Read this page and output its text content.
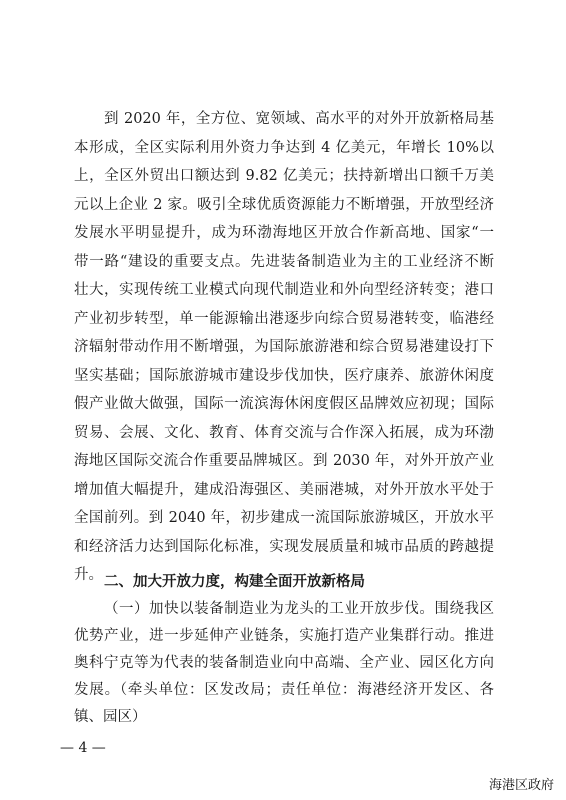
到 2020 年，全方位、宽领域、高水平的对外开放新格局基
本形成，全区实际利用外资力争达到 4 亿美元，年增长 10%以
上，全区外贸出口额达到 9.82 亿美元；扶持新增出口额千万美
元以上企业 2 家。吸引全球优质资源能力不断增强，开放型经济
发展水平明显提升，成为环渤海地区开放合作新高地、国家“一
带一路“建设的重要支点。先进装备制造业为主的工业经济不断
壮大，实现传统工业模式向现代制造业和外向型经济转变；港口
产业初步转型，单一能源输出港逐步向综合贸易港转变，临港经
济辐射带动作用不断增强，为国际旅游港和综合贸易港建设打下
坚实基础；国际旅游城市建设步伐加快，医疗康养、旅游休闲度
假产业做大做强，国际一流滨海休闲度假区品牌效应初现；国际
贸易、会展、文化、教育、体育交流与合作深入拓展，成为环渤
海地区国际交流合作重要品牌城区。到 2030 年，对外开放产业
增加值大幅提升，建成沿海强区、美丽港城，对外开放水平处于
全国前列。到 2040 年，初步建成一流国际旅游城区，开放水平
和经济活力达到国际化标准，实现发展质量和城市品质的跨越提
升。 二、加大开放力度，构建全面开放新格局
（一）加快以装备制造业为龙头的工业开放步伐。围绕我区
优势产业，进一步延伸产业链条，实施打造产业集群行动。推进
奥科宁克等为代表的装备制造业向中高端、全产业、园区化方向
发展。（牵头单位：区发改局；责任单位：海港经济开发区、各
镇、园区）
— 4 —
海港区政府
